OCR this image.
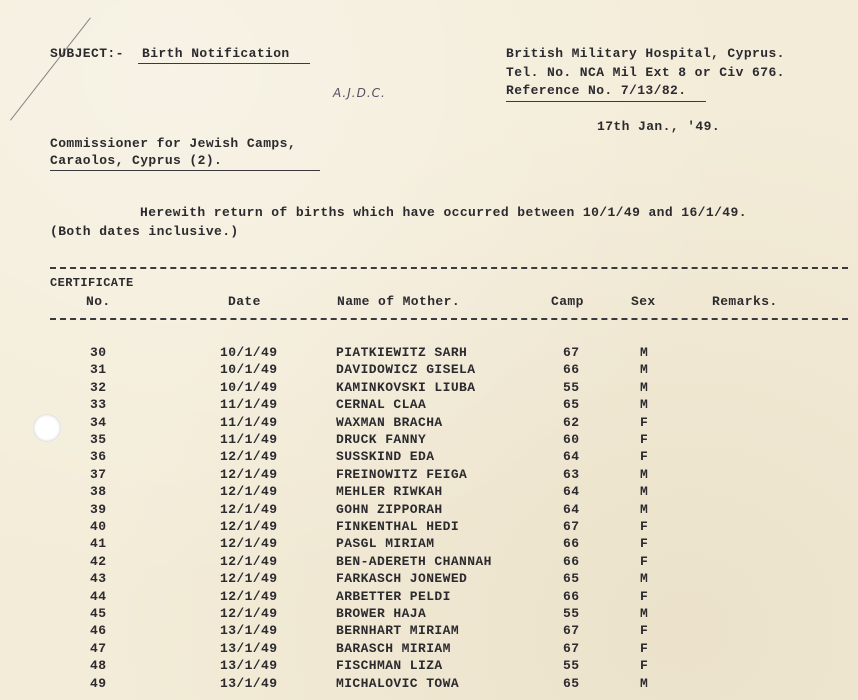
SUBJECT:- Birth Notification	British Military Hospital, Cyprus.
Tel. No. NCA Mil Ext 8 or Civ 676.
Reference No. 7/13/82.
A.J.D.C.
17th Jan., '49.
Commissioner for Jewish Camps,
Caraolos, Cyprus (2).
Herewith return of births which have occurred between 10/1/49 and 16/1/49.
(Both dates inclusive.)
CERTIFICATE
No.	Date	Name of Mother.	Camp	Sex	Remarks.
30	10/1/49	PIATKIEWITZ SARH	67	M
31	10/1/49	DAVIDOWICZ GISELA	66	M
32	10/1/49	KAMINKOVSKI LIUBA	55	M
33	11/1/49	CERNAL CLAA	65	M
34	11/1/49	WAXMAN BRACHA	62	F
35	11/1/49	DRUCK FANNY	60	F
36	12/1/49	SUSSKIND EDA	64	F
37	12/1/49	FREINOWITZ FEIGA	63	M
38	12/1/49	MEHLER RIWKAH	64	M
39	12/1/49	GOHN ZIPPORAH	64	M
40	12/1/49	FINKENTHAL HEDI	67	F
41	12/1/49	PASGL MIRIAM	66	F
42	12/1/49	BEN-ADERETH CHANNAH	66	F
43	12/1/49	FARKASCH JONEWED	65	M
44	12/1/49	ARBETTER PELDI	66	F
45	12/1/49	BROWER HAJA	55	M
46	13/1/49	BERNHART MIRIAM	67	F
47	13/1/49	BARASCH MIRIAM	67	F
48	13/1/49	FISCHMAN LIZA	55	F
49	13/1/49	MICHALOVIC TOWA	65	M
